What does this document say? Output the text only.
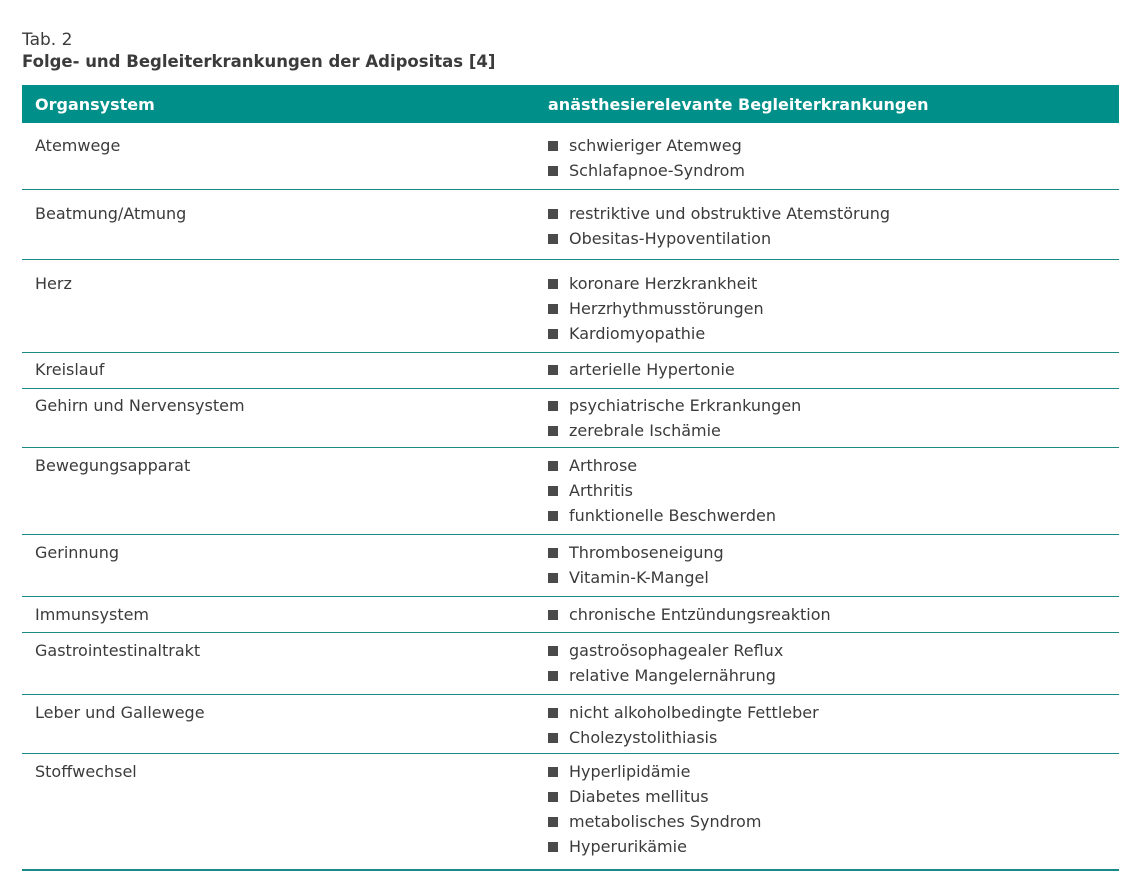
Tab. 2
Folge- und Begleiterkrankungen der Adipositas [4]
Organsystem	anästhesierelevante Begleiterkrankungen
Atemwege	schwieriger Atemweg
Schlafapnoe-Syndrom
Beatmung/Atmung	restriktive und obstruktive Atemstörung
Obesitas-Hypoventilation
Herz	koronare Herzkrankheit
Herzrhythmusstörungen
Kardiomyopathie
Kreislauf	arterielle Hypertonie
Gehirn und Nervensystem	psychiatrische Erkrankungen
zerebrale Ischämie
Bewegungsapparat	Arthrose
Arthritis
funktionelle Beschwerden
Gerinnung	Thromboseneigung
Vitamin-K-Mangel
Immunsystem	chronische Entzündungsreaktion
Gastrointestinaltrakt	gastroösophagealer Reflux
relative Mangelernährung
Leber und Gallewege	nicht alkoholbedingte Fettleber
Cholezystolithiasis
Stoffwechsel	Hyperlipidämie
Diabetes mellitus
metabolisches Syndrom
Hyperurikämie
